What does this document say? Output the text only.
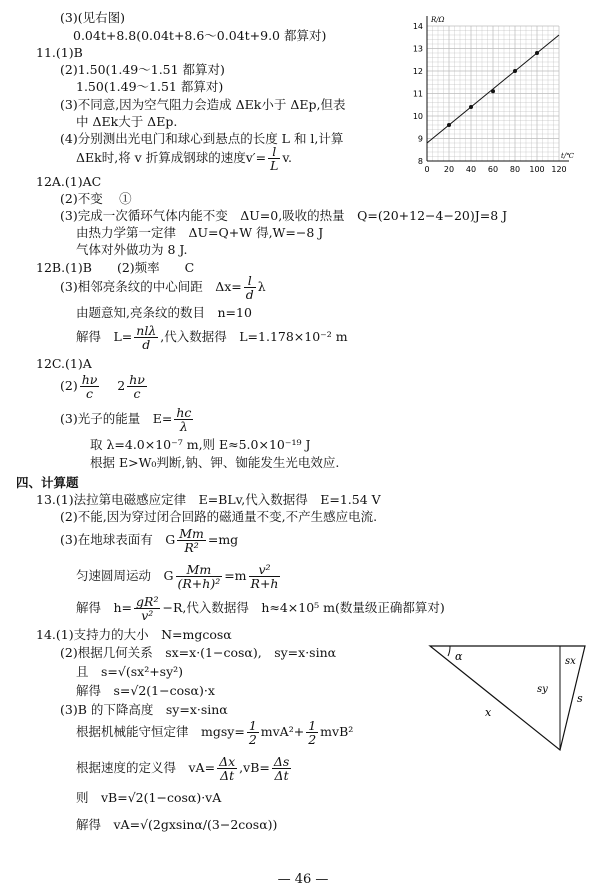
(3)(见右图)
0.04t+8.8(0.04t+8.6～0.04t+9.0 都算对)
11.(1)B
(2)1.50(1.49～1.51 都算对)
1.50(1.49～1.51 都算对)
(3)不同意,因为空气阻力会造成 ΔEk小于 ΔEp,但表
中 ΔEk大于 ΔEp.
(4)分别测出光电门和球心到悬点的长度 L 和 l,计算
ΔEk时,将 v 折算成钢球的速度$v'= \frac{l}{L} v$.
12A.(1)AC
(2)不变　 ①
(3)完成一次循环气体内能不变　ΔU=0,吸收的热量　Q=(20+12−4−20)J=8 J
由热力学第一定律　ΔU=Q+W 得,W=−8 J
气体对外做功为 8 J.
12B.(1)B　　(2)频率　　C
(3)相邻亮条纹的中心间距　$\Delta x= \frac{l}{d}$ λ
由题意知,亮条纹的数目　n=10
解得　$L= \frac{\text{nlλ}}{d}$ ,代入数据得　L=1.178×10⁻² m
12C.(1)A
$(2) \frac{h\nu}{c} 2 \frac{h\nu}{c}$
(3)光子的能量　$E= \frac{hc}{\lambda}$
取 λ=4.0×10⁻⁷ m,则 E≈5.0×10⁻¹⁹ J
根据 E>W₀判断,钠、钾、铷能发生光电效应.
四、计算题
13.(1)法拉第电磁感应定律　E=BLv,代入数据得　E=1.54 V
(2)不能,因为穿过闭合回路的磁通量不变,不产生感应电流.
(3)在地球表面有　G $\frac{Mm}{\text{R²}} =mg$
匀速圆周运动　G $\frac{Mm}{\text{(R+h)²}} =m \frac{\text{v²}}{R+h}$
解得　$h= \frac{\text{gR²}}{\text{v²}} -R$,代入数据得　h≈4×10⁵ m(数量级正确都算对)
14.(1)支持力的大小　N=mgcosα
(2)根据几何关系　sx=x·(1−cosα),　sy=x·sinα
且　s=√(sx²+sy²)
解得　s=√2(1−cosα)·x
(3)B 的下降高度　sy=x·sinα
根据机械能守恒定律　mgsy= $\frac{1}{2} mvA^2+ \frac{1}{2} mvB^2$
根据速度的定义得　$vA= \frac{\Delta x}{\Delta t} ,vB= \frac{\Delta s}{\Delta t}$
则　vB=√2(1−cosα)·vA
解得　vA=√(2gxsinα/(3−2cosα))
0 20 40 60 80 100 120
8
9
10
11
12
13
14
R/Ω
t/℃
α	sx
sy
x
s
— 46 —
